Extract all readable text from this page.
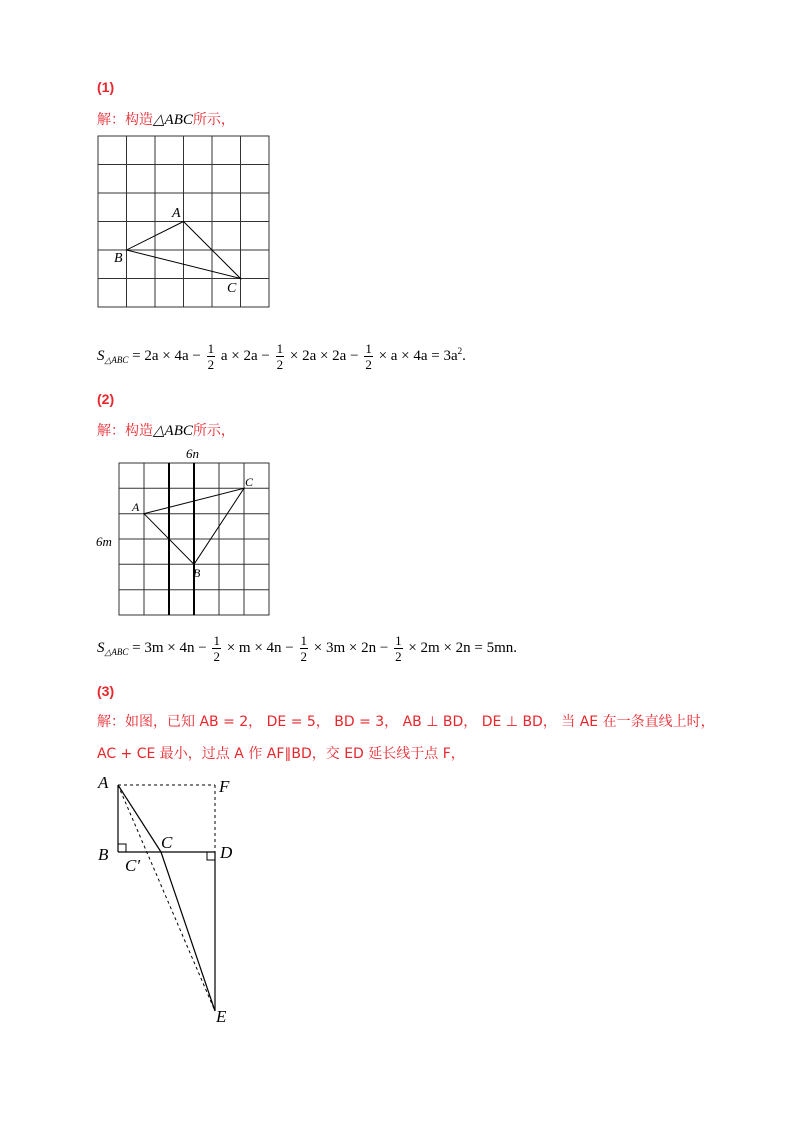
(1)
解：构造△ABC所示，
A
B
C
$S_{\triangle ABC} = 2a \times 4a - \frac{1}{2}$ $a \times 2a - \frac{1}{2} \times 2a \times 2a - \frac{1}{2} \times a \times 4a = 3a^2$.
(2)
解：构造△ABC所示，
6n
6m
A
B
C
$S_{\triangle ABC} = 3m \times 4n - \frac{1}{2} \times m \times 4n - \frac{1}{2} \times 3m \times 2n - \frac{1}{2} \times 2m \times 2n = 5mn$.
(3)
解：如图，已知 AB = 2， DE = 5， BD = 3， AB ⊥ BD， DE ⊥ BD， 当 AE 在一条直线上时，
AC + CE 最小，过点 A 作 AF∥BD，交 ED 延长线于点 F，
A	F
B
C
D
C′
E
